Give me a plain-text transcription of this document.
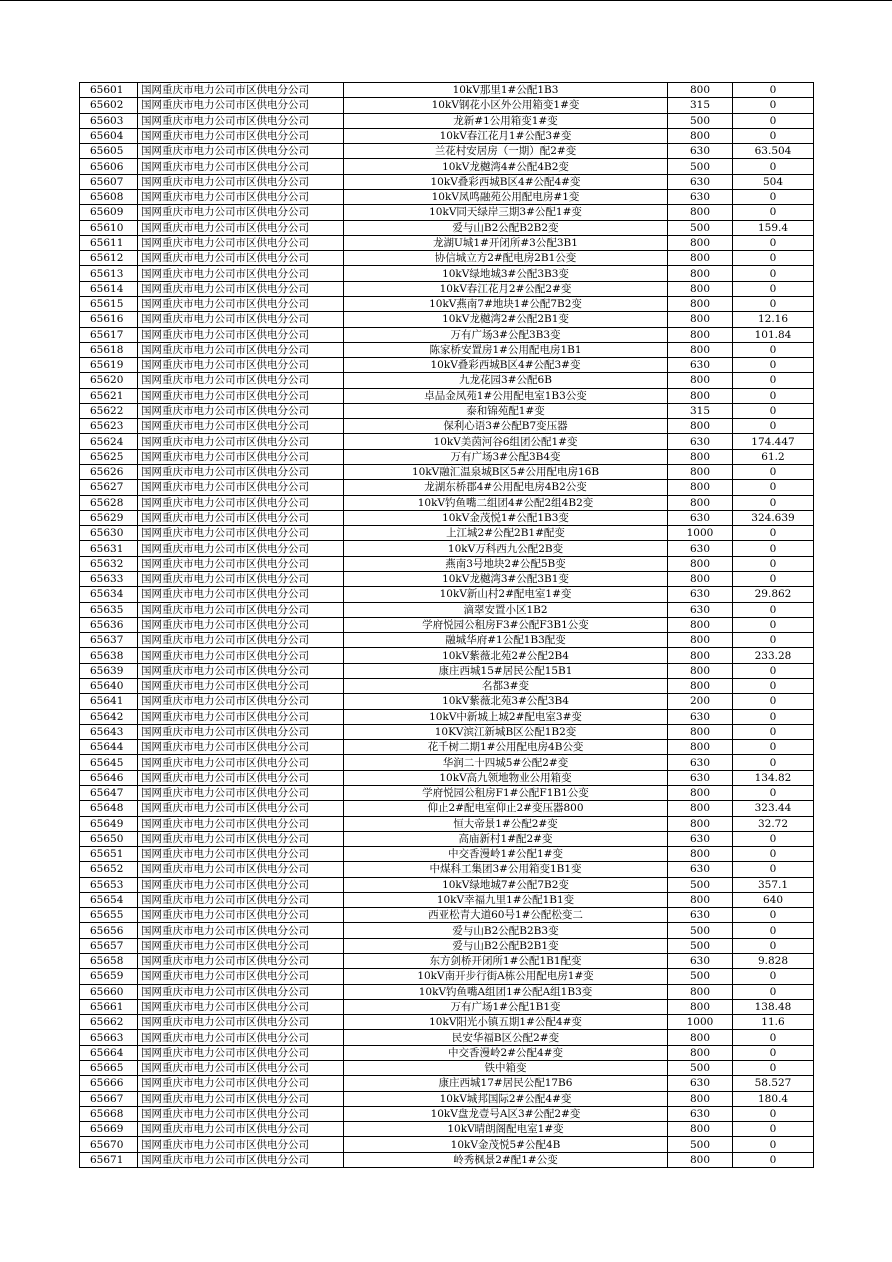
65601	国网重庆市电力公司市区供电分公司	10kV那里1#公配1B3	800	0
65602	国网重庆市电力公司市区供电分公司	10kV钢花小区外公用箱变1#变	315	0
65603	国网重庆市电力公司市区供电分公司	龙新#1公用箱变1#变	500	0
65604	国网重庆市电力公司市区供电分公司	10kV春江花月1#公配3#变	800	0
65605	国网重庆市电力公司市区供电分公司	兰花村安居房（一期）配2#变	630	63.504
65606	国网重庆市电力公司市区供电分公司	10kV龙樾湾4#公配4B2变	500	0
65607	国网重庆市电力公司市区供电分公司	10kV叠彩西城B区4#公配4#变	630	504
65608	国网重庆市电力公司市区供电分公司	10kV凤鸣融苑公用配电房#1变	630	0
65609	国网重庆市电力公司市区供电分公司	10kV同天绿岸三期3#公配1#变	800	0
65610	国网重庆市电力公司市区供电分公司	爱与山B2公配B2B2变	500	159.4
65611	国网重庆市电力公司市区供电分公司	龙湖U城1#开闭所#3公配3B1	800	0
65612	国网重庆市电力公司市区供电分公司	协信城立方2#配电房2B1公变	800	0
65613	国网重庆市电力公司市区供电分公司	10kV绿地城3#公配3B3变	800	0
65614	国网重庆市电力公司市区供电分公司	10kV春江花月2#公配2#变	800	0
65615	国网重庆市电力公司市区供电分公司	10kV燕南7#地块1#公配7B2变	800	0
65616	国网重庆市电力公司市区供电分公司	10kV龙樾湾2#公配2B1变	800	12.16
65617	国网重庆市电力公司市区供电分公司	万有广场3#公配3B3变	800	101.84
65618	国网重庆市电力公司市区供电分公司	陈家桥安置房1#公用配电房1B1	800	0
65619	国网重庆市电力公司市区供电分公司	10kV叠彩西城B区4#公配3#变	630	0
65620	国网重庆市电力公司市区供电分公司	九龙花园3#公配6B	800	0
65621	国网重庆市电力公司市区供电分公司	卓品金凤苑1#公用配电室1B3公变	800	0
65622	国网重庆市电力公司市区供电分公司	泰和锦苑配1#变	315	0
65623	国网重庆市电力公司市区供电分公司	保利心语3#公配B7变压器	800	0
65624	国网重庆市电力公司市区供电分公司	10kV美茵河谷6组团公配1#变	630	174.447
65625	国网重庆市电力公司市区供电分公司	万有广场3#公配3B4变	800	61.2
65626	国网重庆市电力公司市区供电分公司	10kV融汇温泉城B区5#公用配电房16B	800	0
65627	国网重庆市电力公司市区供电分公司	龙湖东桥郡4#公用配电房4B2公变	800	0
65628	国网重庆市电力公司市区供电分公司	10kV钓鱼嘴二组团4#公配2组4B2变	800	0
65629	国网重庆市电力公司市区供电分公司	10kV金茂悦1#公配1B3变	630	324.639
65630	国网重庆市电力公司市区供电分公司	上江城2#公配2B1#配变	1000	0
65631	国网重庆市电力公司市区供电分公司	10kV万科西九公配2B变	630	0
65632	国网重庆市电力公司市区供电分公司	燕南3号地块2#公配5B变	800	0
65633	国网重庆市电力公司市区供电分公司	10kV龙樾湾3#公配3B1变	800	0
65634	国网重庆市电力公司市区供电分公司	10kV新山村2#配电室1#变	630	29.862
65635	国网重庆市电力公司市区供电分公司	滴翠安置小区1B2	630	0
65636	国网重庆市电力公司市区供电分公司	学府悦园公租房F3#公配F3B1公变	800	0
65637	国网重庆市电力公司市区供电分公司	融城华府#1公配1B3配变	800	0
65638	国网重庆市电力公司市区供电分公司	10kV紫薇北苑2#公配2B4	800	233.28
65639	国网重庆市电力公司市区供电分公司	康庄西城15#居民公配15B1	800	0
65640	国网重庆市电力公司市区供电分公司	名都3#变	800	0
65641	国网重庆市电力公司市区供电分公司	10kV紫薇北苑3#公配3B4	200	0
65642	国网重庆市电力公司市区供电分公司	10kV中新城上城2#配电室3#变	630	0
65643	国网重庆市电力公司市区供电分公司	10KV滨江新城B区公配1B2变	800	0
65644	国网重庆市电力公司市区供电分公司	花千树二期1#公用配电房4B公变	800	0
65645	国网重庆市电力公司市区供电分公司	华润二十四城5#公配2#变	630	0
65646	国网重庆市电力公司市区供电分公司	10kV高九领地物业公用箱变	630	134.82
65647	国网重庆市电力公司市区供电分公司	学府悦园公租房F1#公配F1B1公变	800	0
65648	国网重庆市电力公司市区供电分公司	仰止2#配电室仰止2#变压器800	800	323.44
65649	国网重庆市电力公司市区供电分公司	恒大帝景1#公配2#变	800	32.72
65650	国网重庆市电力公司市区供电分公司	高庙新村1#配2#变	630	0
65651	国网重庆市电力公司市区供电分公司	中交香漫岭1#公配1#变	800	0
65652	国网重庆市电力公司市区供电分公司	中煤科工集团3#公用箱变1B1变	630	0
65653	国网重庆市电力公司市区供电分公司	10kV绿地城7#公配7B2变	500	357.1
65654	国网重庆市电力公司市区供电分公司	10kV幸福九里1#公配1B1变	800	640
65655	国网重庆市电力公司市区供电分公司	西亚松青大道60号1#公配松变二	630	0
65656	国网重庆市电力公司市区供电分公司	爱与山B2公配B2B3变	500	0
65657	国网重庆市电力公司市区供电分公司	爱与山B2公配B2B1变	500	0
65658	国网重庆市电力公司市区供电分公司	东方剑桥开闭所1#公配1B1配变	630	9.828
65659	国网重庆市电力公司市区供电分公司	10kV南开步行街A栋公用配电房1#变	500	0
65660	国网重庆市电力公司市区供电分公司	10kV钓鱼嘴A组团1#公配A组1B3变	800	0
65661	国网重庆市电力公司市区供电分公司	万有广场1#公配1B1变	800	138.48
65662	国网重庆市电力公司市区供电分公司	10kV阳光小镇五期1#公配4#变	1000	11.6
65663	国网重庆市电力公司市区供电分公司	民安华福B区公配2#变	800	0
65664	国网重庆市电力公司市区供电分公司	中交香漫岭2#公配4#变	800	0
65665	国网重庆市电力公司市区供电分公司	铁中箱变	500	0
65666	国网重庆市电力公司市区供电分公司	康庄西城17#居民公配17B6	630	58.527
65667	国网重庆市电力公司市区供电分公司	10kV城邦国际2#公配4#变	800	180.4
65668	国网重庆市电力公司市区供电分公司	10kV盘龙壹号A区3#公配2#变	630	0
65669	国网重庆市电力公司市区供电分公司	10kV晴朗阁配电室1#变	800	0
65670	国网重庆市电力公司市区供电分公司	10kV金茂悦5#公配4B	500	0
65671	国网重庆市电力公司市区供电分公司	岭秀枫景2#配1#公变	800	0
